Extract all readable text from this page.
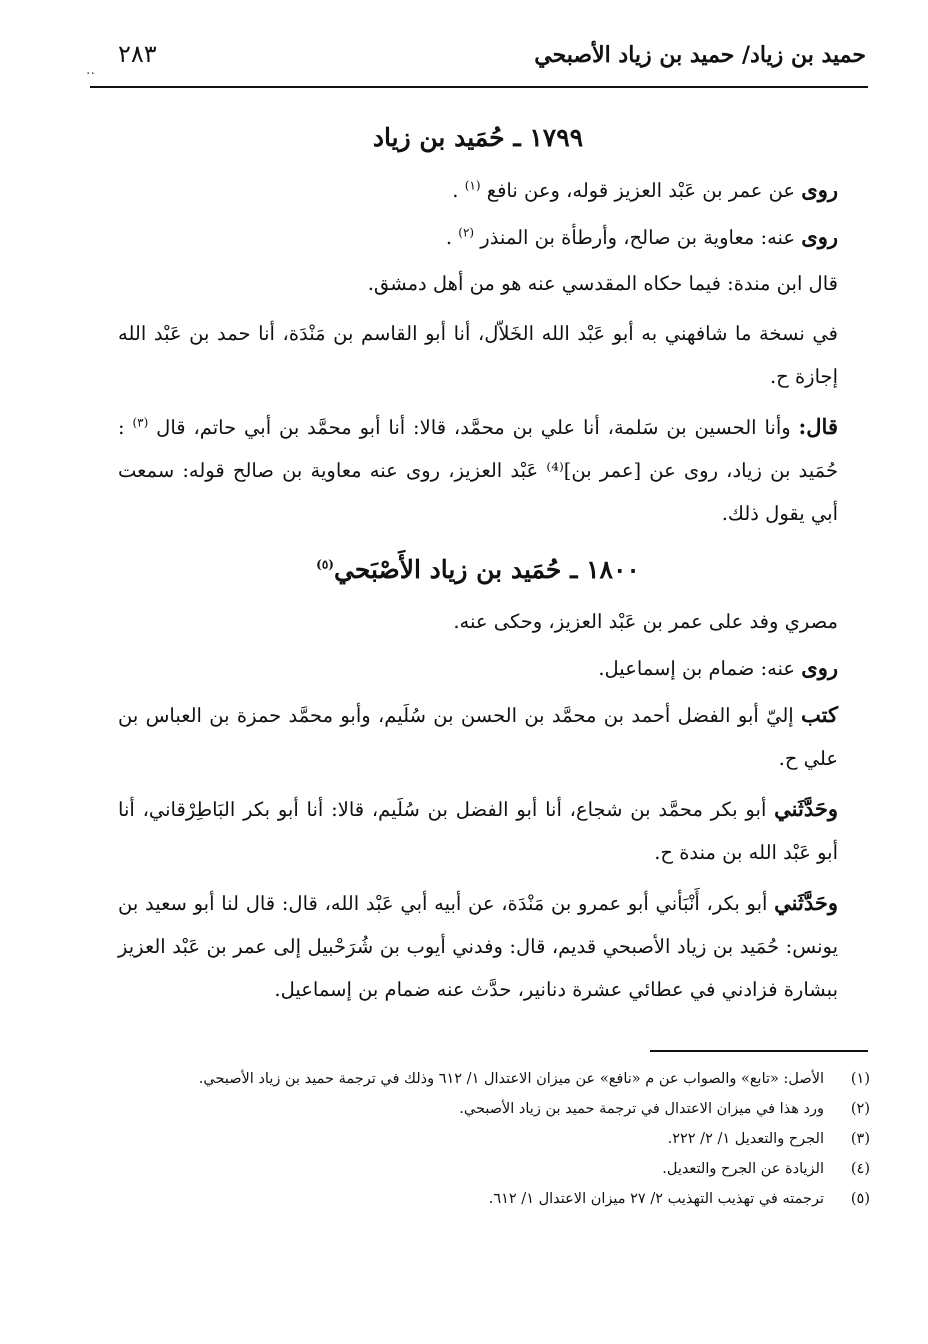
حميد بن زياد/ حميد بن زياد الأصبحي
٢٨٣
..
١٧٩٩ ـ حُمَيد بن زياد

روى عن عمر بن عَبْد العزيز قوله، وعن نافع $^{(١)}$ .

روى عنه: معاوية بن صالح، وأرطأة بن المنذر $^{(٢)}$ .

قال ابن مندة: فيما حكاه المقدسي عنه هو من أهل دمشق.

في نسخة ما شافهني به أبو عَبْد الله الخَلاّل، أنا أبو القاسم بن مَنْدَة، أنا حمد بن عَبْد الله إجازة ح.

قال: وأنا الحسين بن سَلمة، أنا علي بن محمَّد، قالا: أنا أبو محمَّد بن أبي حاتم، قال $^{(٣)}$ : حُمَيد بن زياد، روى عن [عمر بن]⁽⁴⁾ عَبْد العزيز، روى عنه معاوية بن صالح قوله: سمعت أبي يقول ذلك.

١٨٠٠ ـ حُمَيد بن زياد الأَصْبَحي$^{(٥)}$

مصري وفد على عمر بن عَبْد العزيز، وحكى عنه.

روى عنه: ضمام بن إسماعيل.

كتب إليّ أبو الفضل أحمد بن محمَّد بن الحسن بن سُلَيم، وأبو محمَّد حمزة بن العباس بن علي ح.

وحَدَّثَني أبو بكر محمَّد بن شجاع، أنا أبو الفضل بن سُلَيم، قالا: أنا أبو بكر البَاطِرْقاني، أنا أبو عَبْد الله بن مندة ح.

وحَدَّثَني أبو بكر، أَنْبَأني أبو عمرو بن مَنْدَة، عن أبيه أبي عَبْد الله، قال: قال لنا أبو سعيد بن يونس: حُمَيد بن زياد الأصبحي قديم، قال: وفدني أيوب بن شُرَحْبيل إلى عمر بن عَبْد العزيز ببشارة فزادني في عطائي عشرة دنانير، حدَّث عنه ضمام بن إسماعيل.

(١)
الأصل: «تابع» والصواب عن م «نافع» عن ميزان الاعتدال ١/ ٦١٢ وذلك في ترجمة حميد بن زياد الأصبحي.
(٢)
ورد هذا في ميزان الاعتدال في ترجمة حميد بن زياد الأصبحي.
(٣)
الجرح والتعديل ١/ ٢/ ٢٢٢.
(٤)
الزيادة عن الجرح والتعديل.
(٥)
ترجمته في تهذيب التهذيب ٢/ ٢٧ ميزان الاعتدال ١/ ٦١٢.
